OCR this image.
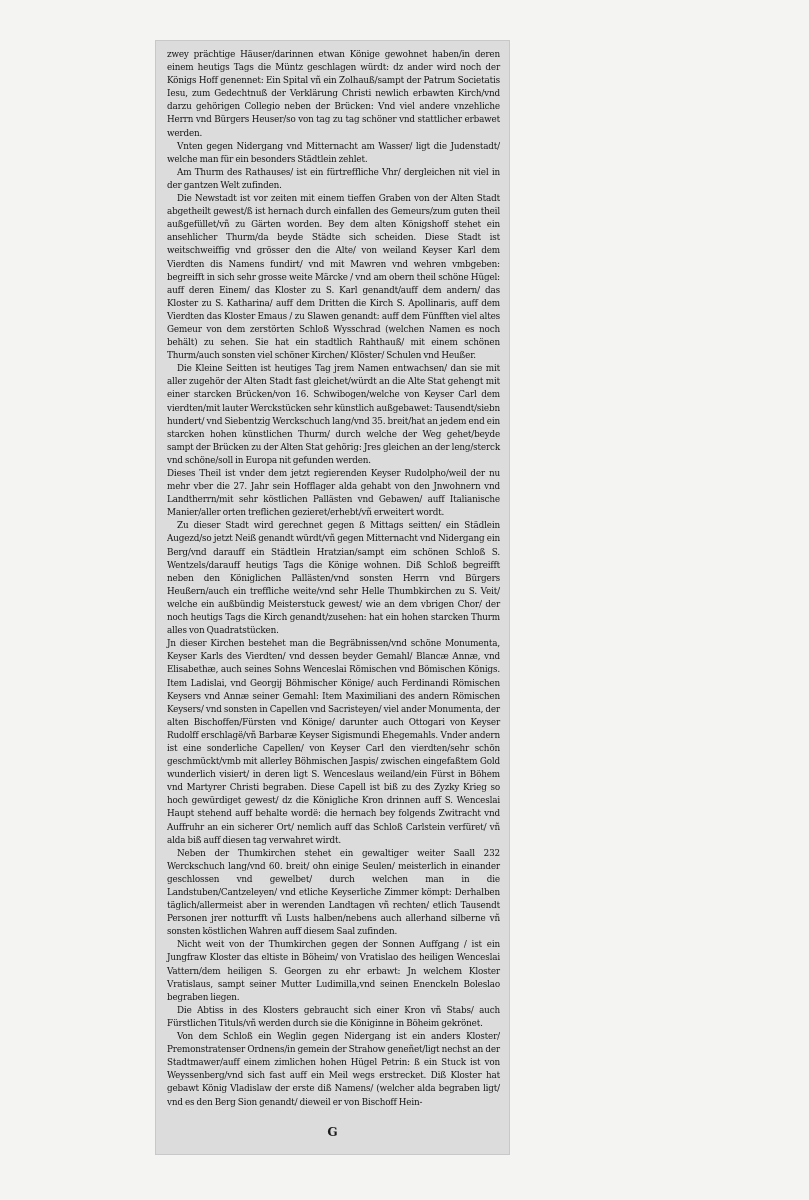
zwey prächtige Häuser/darinnen etwan Könige gewohnet haben/in deren einem heutigs Tags die Müntz geschlagen würdt: dz ander wird noch der Königs Hoff genennet: Ein Spital vñ ein Zolhauß/sampt der Patrum Societatis Iesu, zum Gedechtnuß der Verklärung Christi newlich erbawten Kirch/vnd darzu gehörigen Collegio neben der Brücken: Vnd viel andere vnzehliche Herrn vnd Bürgers Heuser/so von tag zu tag schöner vnd stattlicher erbawet werden.

Vnten gegen Nidergang vnd Mitternacht am Wasser/ ligt die Judenstadt/ welche man für ein besonders Städtlein zehlet.

Am Thurm des Rathauses/ ist ein fürtreffliche Vhr/ dergleichen nit viel in der gantzen Welt zufinden.

Die Newstadt ist vor zeiten mit einem tieffen Graben von der Alten Stadt abgetheilt gewest/ß ist hernach durch einfallen des Gemeurs/zum guten theil außgefüllet/vñ zu Gärten worden. Bey dem alten Königshoff stehet ein ansehlicher Thurm/da beyde Städte sich scheiden. Diese Stadt ist weitschweiffig vnd grösser den die Alte/ von weiland Keyser Karl dem Vierdten dis Namens fundirt/ vnd mit Mawren vnd wehren vmbgeben: begreifft in sich sehr grosse weite Märcke / vnd am obern theil schöne Hügel: auff deren Einem/ das Kloster zu S. Karl genandt/auff dem andern/ das Kloster zu S. Katharina/ auff dem Dritten die Kirch S. Apollinaris, auff dem Vierdten das Kloster Emaus / zu Slawen genandt: auff dem Fünfften viel altes Gemeur von dem zerstörten Schloß Wysschrad (welchen Namen es noch behält) zu sehen. Sie hat ein stadtlich Rahthauß/ mit einem schönen Thurm/auch sonsten viel schöner Kirchen/ Klöster/ Schulen vnd Heußer.

Die Kleine Seitten ist heutiges Tag jrem Namen entwachsen/ dan sie mit aller zugehör der Alten Stadt fast gleichet/würdt an die Alte Stat gehengt mit einer starcken Brücken/von 16. Schwibogen/welche von Keyser Carl dem vierdten/mit lauter Werckstücken sehr künstlich außgebawet: Tausendt/siebn hundert/ vnd Siebentzig Werckschuch lang/vnd 35. breit/hat an jedem end ein starcken hohen künstlichen Thurm/ durch welche der Weg gehet/beyde sampt der Brücken zu der Alten Stat gehörig: Jres gleichen an der leng/sterck vnd schöne/soll in Europa nit gefunden werden.

Dieses Theil ist vnder dem jetzt regierenden Keyser Rudolpho/weil der nu mehr vber die 27. Jahr sein Hofflager alda gehabt von den Jnwohnern vnd Landtherrn/mit sehr köstlichen Pallästen vnd Gebawen/ auff Italianische Manier/aller orten treflichen gezieret/erhebt/vñ erweitert wordt.

Zu dieser Stadt wird gerechnet gegen ß Mittags seitten/ ein Städlein Augezd/so jetzt Neiß genandt würdt/vñ gegen Mitternacht vnd Nidergang ein Berg/vnd darauff ein Städtlein Hratzian/sampt eim schönen Schloß S. Wentzels/darauff heutigs Tags die Könige wohnen. Diß Schloß begreifft neben den Königlichen Pallästen/vnd sonsten Herrn vnd Bürgers Heußern/auch ein treffliche weite/vnd sehr Helle Thumbkirchen zu S. Veit/ welche ein außbündig Meisterstuck gewest/ wie an dem vbrigen Chor/ der noch heutigs Tags die Kirch genandt/zusehen: hat ein hohen starcken Thurm alles von Quadratstücken.

Jn dieser Kirchen bestehet man die Begräbnissen/vnd schöne Monumenta, Keyser Karls des Vierdten/ vnd dessen beyder Gemahl/ Blancæ Annæ, vnd Elisabethæ, auch seines Sohns Wenceslai Römischen vnd Bömischen Königs. Item Ladislai, vnd Georgij Böhmischer Könige/ auch Ferdinandi Römischen Keysers vnd Annæ seiner Gemahl: Item Maximiliani des andern Römischen Keysers/ vnd sonsten in Capellen vnd Sacristeyen/ viel ander Monumenta, der alten Bischoffen/Fürsten vnd Könige/ darunter auch Ottogari von Keyser Rudolff erschlagë/vñ Barbaræ Keyser Sigismundi Ehegemahls. Vnder andern ist eine sonderliche Capellen/ von Keyser Carl den vierdten/sehr schön geschmückt/vmb mit allerley Böhmischen Jaspis/ zwischen eingefaßtem Gold wunderlich visiert/ in deren ligt S. Wenceslaus weiland/ein Fürst in Böhem vnd Martyrer Christi begraben. Diese Capell ist biß zu des Zyzky Krieg so hoch gewürdiget gewest/ dz die Königliche Kron drinnen auff S. Wenceslai Haupt stehend auff behalte wordë: die hernach bey folgends Zwitracht vnd Auffruhr an ein sicherer Ort/ nemlich auff das Schloß Carlstein verfüret/ vñ alda biß auff diesen tag verwahret wirdt.

Neben der Thumkirchen stehet ein gewaltiger weiter Saall 232 Werckschuch lang/vnd 60. breit/ ohn einige Seulen/ meisterlich in einander geschlossen vnd gewelbet/ durch welchen man in die Landstuben/Cantzeleyen/ vnd etliche Keyserliche Zimmer kömpt: Derhalben täglich/allermeist aber in werenden Landtagen vñ rechten/ etlich Tausendt Personen jrer notturfft vñ Lusts halben/nebens auch allerhand silberne vñ sonsten köstlichen Wahren auff diesem Saal zufinden.

Nicht weit von der Thumkirchen gegen der Sonnen Auffgang / ist ein Jungfraw Kloster das eltiste in Böheim/ von Vratislao des heiligen Wenceslai Vattern/dem heiligen S. Georgen zu ehr erbawt: Jn welchem Kloster Vratislaus, sampt seiner Mutter Ludimilla,vnd seinen Enenckeln Boleslao begraben liegen.

Die Abtiss in des Klosters gebraucht sich einer Kron vñ Stabs/ auch Fürstlichen Tituls/vñ werden durch sie die Königinne in Böheim gekrönet.

Von dem Schloß ein Weglin gegen Nidergang ist ein anders Kloster/ Premonstratenser Ordnens/in gemein der Strahow geneñet/ligt nechst an der Stadtmawer/auff einem zimlichen hohen Hügel Petrin: ß ein Stuck ist von Weyssenberg/vnd sich fast auff ein Meil wegs erstrecket. Diß Kloster hat gebawt König Vladislaw der erste diß Namens/ (welcher alda begraben ligt/ vnd es den Berg Sion genandt/ dieweil er von Bischoff Hein-

G
